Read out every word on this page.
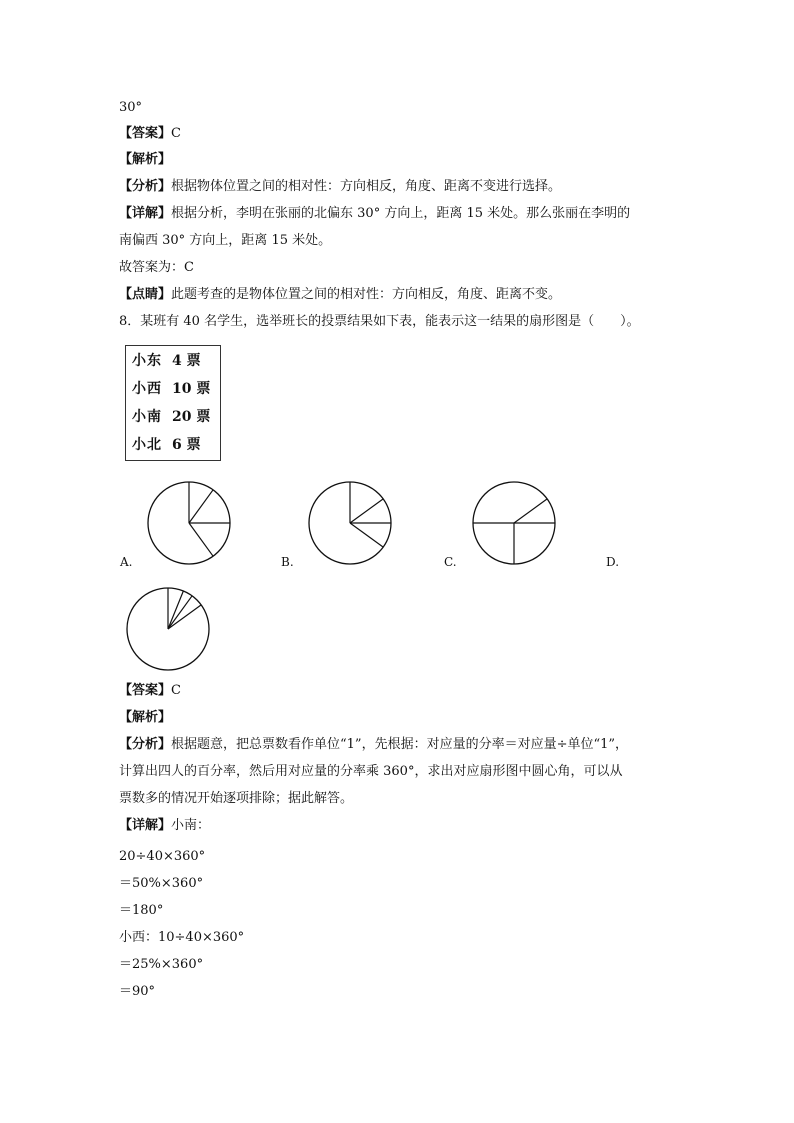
30°
【答案】C
【解析】
【分析】根据物体位置之间的相对性：方向相反，角度、距离不变进行选择。
【详解】根据分析，李明在张丽的北偏东 30° 方向上，距离 15 米处。那么张丽在李明的
南偏西 30° 方向上，距离 15 米处。
故答案为：C
【点睛】此题考查的是物体位置之间的相对性：方向相反，角度、距离不变。
8．某班有 40 名学生，选举班长的投票结果如下表，能表示这一结果的扇形图是（　　）。
【答案】C
【解析】
【分析】根据题意，把总票数看作单位“1”，先根据：对应量的分率＝对应量÷单位“1”，
计算出四人的百分率，然后用对应量的分率乘 360°，求出对应扇形图中圆心角，可以从
票数多的情况开始逐项排除；据此解答。
【详解】小南：
20÷40×360°
＝50%×360°
＝180°
小西：10÷40×360°
＝25%×360°
＝90°
小东 4 票
小西 10 票
小南 20 票
小北 6 票
A.	B.	C.	D.
